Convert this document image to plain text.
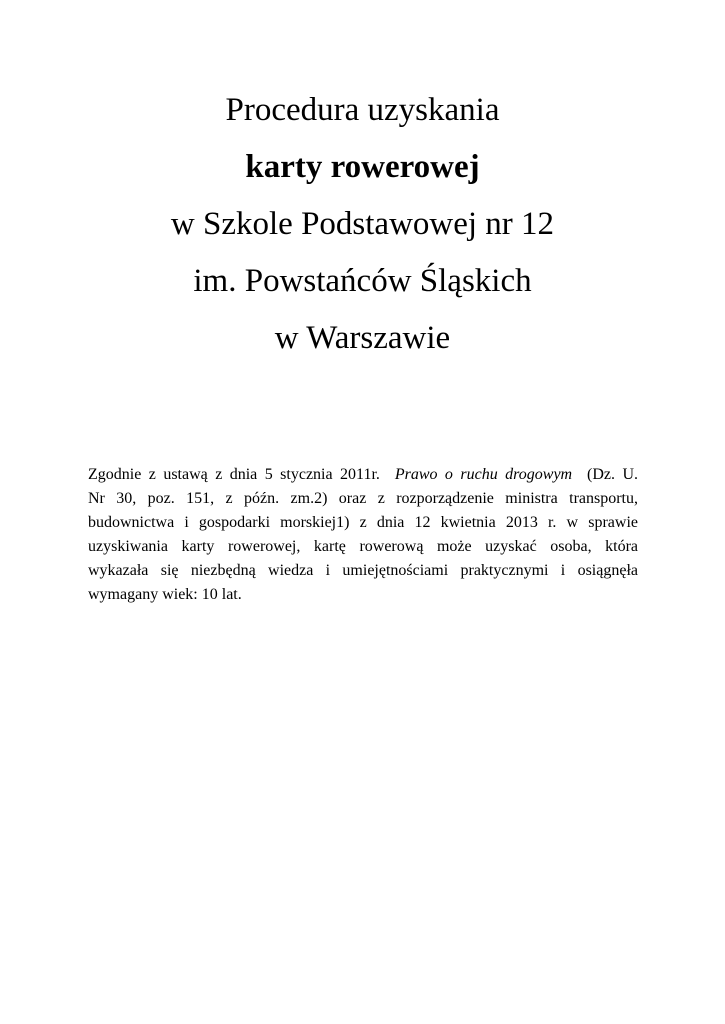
Procedura uzyskania
karty rowerowej
w Szkole Podstawowej nr 12
im. Powstańców Śląskich
w Warszawie
Zgodnie z ustawą z dnia 5 stycznia 2011r. Prawo o ruchu drogowym (Dz. U.
Nr 30, poz. 151, z późn. zm.2) oraz z rozporządzenie ministra transportu,
budownictwa i gospodarki morskiej1) z dnia 12 kwietnia 2013 r. w sprawie
uzyskiwania karty rowerowej, kartę rowerową może uzyskać osoba, która
wykazała się niezbędną wiedza i umiejętnościami praktycznymi i osiągnęła
wymagany wiek: 10 lat.
